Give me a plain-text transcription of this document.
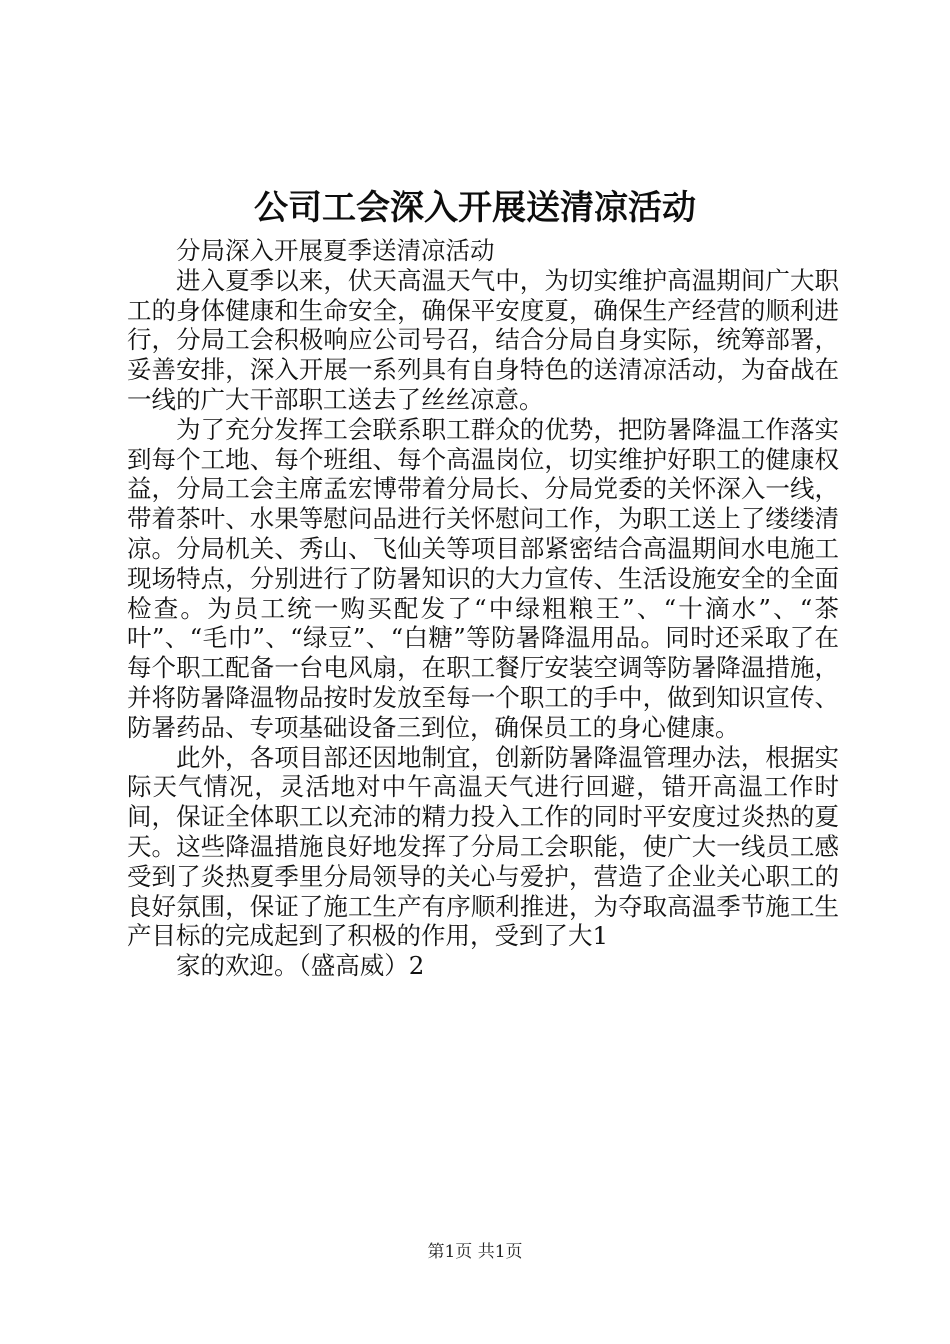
公司工会深入开展送清凉活动

分局深入开展夏季送清凉活动

进入夏季以来，伏天高温天气中，为切实维护高温期间广大职工的身体健康和生命安全，确保平安度夏，确保生产经营的顺利进行，分局工会积极响应公司号召，结合分局自身实际，统筹部署，妥善安排，深入开展一系列具有自身特色的送清凉活动，为奋战在一线的广大干部职工送去了丝丝凉意。

为了充分发挥工会联系职工群众的优势，把防暑降温工作落实到每个工地、每个班组、每个高温岗位，切实维护好职工的健康权益，分局工会主席孟宏博带着分局长、分局党委的关怀深入一线，带着茶叶、水果等慰问品进行关怀慰问工作，为职工送上了缕缕清凉。分局机关、秀山、飞仙关等项目部紧密结合高温期间水电施工现场特点，分别进行了防暑知识的大力宣传、生活设施安全的全面检查。为员工统一购买配发了“中绿粗粮王”、“十滴水”、“茶叶”、“毛巾”、“绿豆”、“白糖”等防暑降温用品。同时还采取了在每个职工配备一台电风扇，在职工餐厅安装空调等防暑降温措施，并将防暑降温物品按时发放至每一个职工的手中，做到知识宣传、防暑药品、专项基础设备三到位，确保员工的身心健康。

此外，各项目部还因地制宜，创新防暑降温管理办法，根据实际天气情况，灵活地对中午高温天气进行回避，错开高温工作时间，保证全体职工以充沛的精力投入工作的同时平安度过炎热的夏天。这些降温措施良好地发挥了分局工会职能，使广大一线员工感受到了炎热夏季里分局领导的关心与爱护，营造了企业关心职工的良好氛围，保证了施工生产有序顺利推进，为夺取高温季节施工生产目标的完成起到了积极的作用，受到了大1

家的欢迎。（盛高威）2

第1页 共1页
